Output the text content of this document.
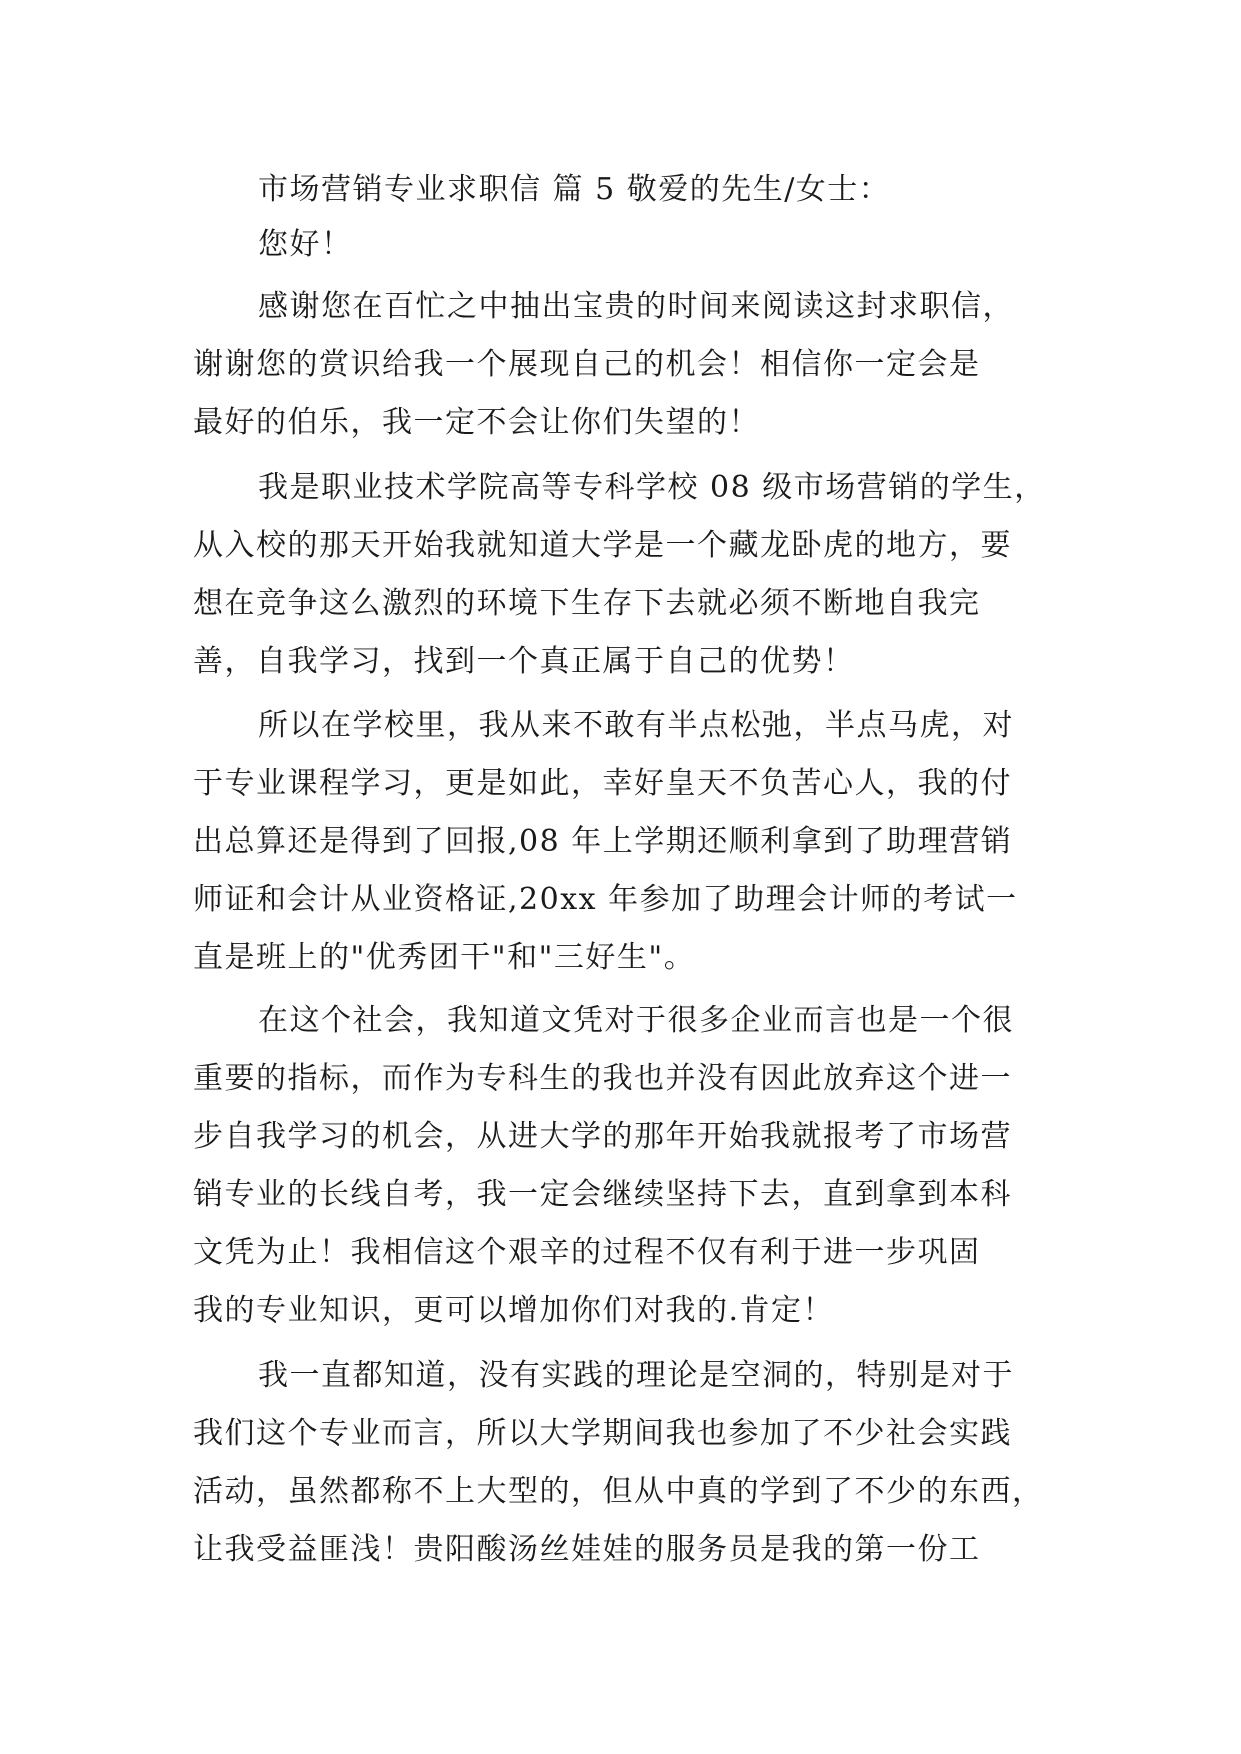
市场营销专业求职信 篇 5 敬爱的先生/女士：
您好！
感谢您在百忙之中抽出宝贵的时间来阅读这封求职信，
谢谢您的赏识给我一个展现自己的机会！相信你一定会是
最好的伯乐，我一定不会让你们失望的！
我是职业技术学院高等专科学校 08 级市场营销的学生，
从入校的那天开始我就知道大学是一个藏龙卧虎的地方，要
想在竞争这么激烈的环境下生存下去就必须不断地自我完
善，自我学习，找到一个真正属于自己的优势！
所以在学校里，我从来不敢有半点松弛，半点马虎，对
于专业课程学习，更是如此，幸好皇天不负苦心人，我的付
出总算还是得到了回报,08 年上学期还顺利拿到了助理营销
师证和会计从业资格证,20xx 年参加了助理会计师的考试一
直是班上的"优秀团干"和"三好生"。
在这个社会，我知道文凭对于很多企业而言也是一个很
重要的指标，而作为专科生的我也并没有因此放弃这个进一
步自我学习的机会，从进大学的那年开始我就报考了市场营
销专业的长线自考，我一定会继续坚持下去，直到拿到本科
文凭为止！我相信这个艰辛的过程不仅有利于进一步巩固
我的专业知识，更可以增加你们对我的.肯定！
我一直都知道，没有实践的理论是空洞的，特别是对于
我们这个专业而言，所以大学期间我也参加了不少社会实践
活动，虽然都称不上大型的，但从中真的学到了不少的东西，
让我受益匪浅！贵阳酸汤丝娃娃的服务员是我的第一份工
